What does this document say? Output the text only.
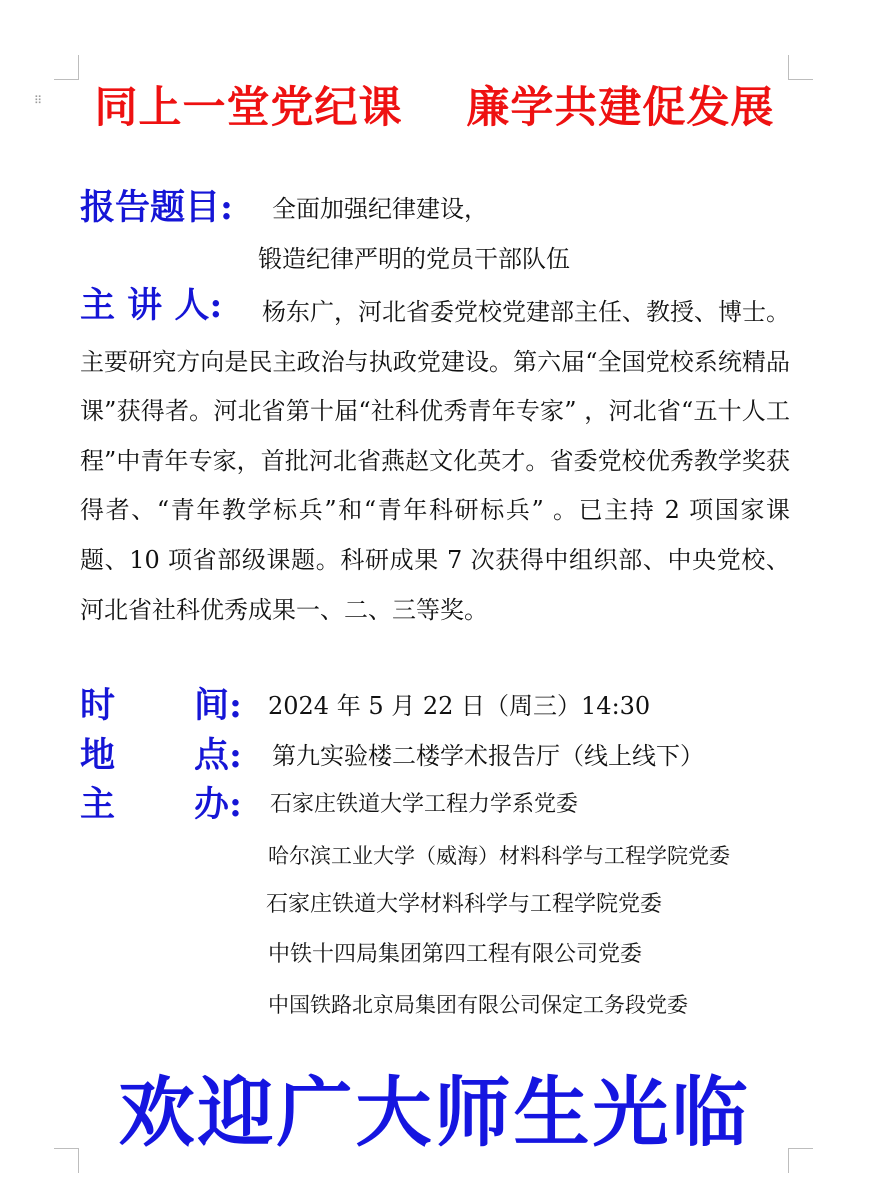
⠿	同上一堂党纪课    廉学共建促发展
报告题目: 全面加强纪律建设，
锻造纪律严明的党员干部队伍
主 讲 人:	杨东广，河北省委党校党建部主任、教授、博士。主要研究方向是民主政治与执政党建设。第六届“全国党校系统精品课”获得者。河北省第十届“社科优秀青年专家” ，河北省“五十人工程”中青年专家，首批河北省燕赵文化英才。省委党校优秀教学奖获得者、“青年教学标兵”和“青年科研标兵” 。已主持 2 项国家课题、10 项省部级课题。科研成果 7 次获得中组织部、中央党校、河北省社科优秀成果一、二、三等奖。
时 间: 2024 年 5 月 22 日（周三）14:30
地 点: 第九实验楼二楼学术报告厅（线上线下）
主 办: 石家庄铁道大学工程力学系党委
哈尔滨工业大学（威海）材料科学与工程学院党委
石家庄铁道大学材料科学与工程学院党委
中铁十四局集团第四工程有限公司党委
中国铁路北京局集团有限公司保定工务段党委
欢迎广大师生光临
